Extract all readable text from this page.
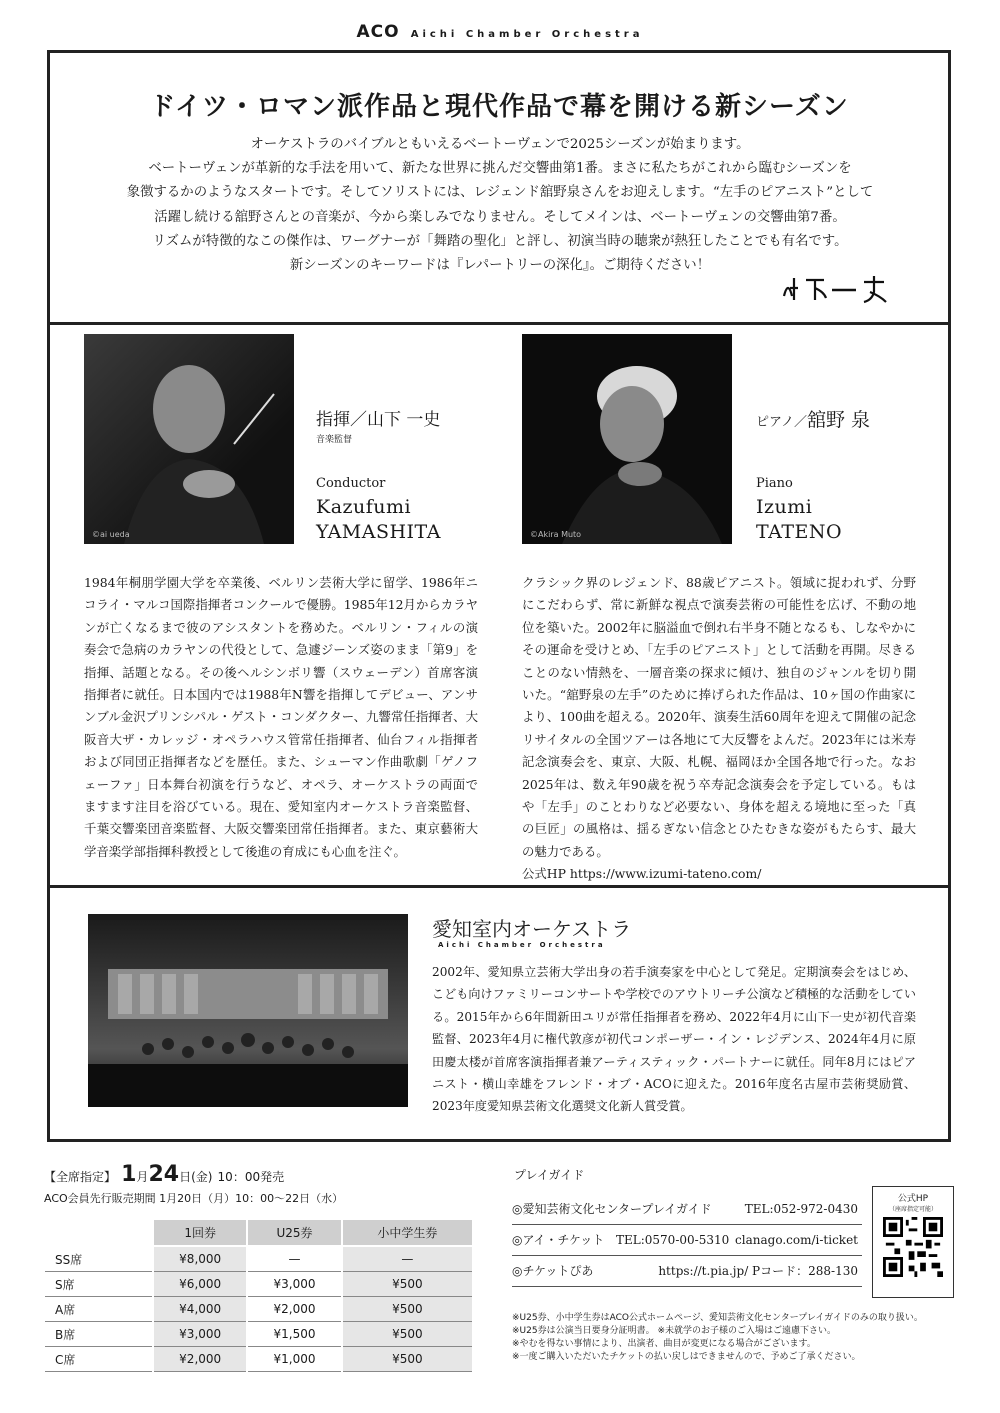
ACO Aichi Chamber Orchestra
ドイツ・ロマン派作品と現代作品で幕を開ける新シーズン
オーケストラのバイブルともいえるベートーヴェンで2025シーズンが始まります。
ベートーヴェンが革新的な手法を用いて、新たな世界に挑んだ交響曲第1番。まさに私たちがこれから臨むシーズンを
象徴するかのようなスタートです。そしてソリストには、レジェンド舘野泉さんをお迎えします。“左手のピアニスト”として
活躍し続ける舘野さんとの音楽が、今から楽しみでなりません。そしてメインは、ベートーヴェンの交響曲第7番。
リズムが特徴的なこの傑作は、ワーグナーが「舞踏の聖化」と評し、初演当時の聴衆が熱狂したことでも有名です。
新シーズンのキーワードは『レパートリーの深化』。ご期待ください！
©ai ueda
指揮／山下 一史
音楽監督
Conductor
Kazufumi
YAMASHITA

1984年桐朋学園大学を卒業後、ベルリン芸術大学に留学、1986年ニコライ・マルコ国際指揮者コンクールで優勝。1985年12月からカラヤンが亡くなるまで彼のアシスタントを務めた。ベルリン・フィルの演奏会で急病のカラヤンの代役として、急遽ジーンズ姿のまま「第9」を指揮、話題となる。その後ヘルシンボリ響（スウェーデン）首席客演指揮者に就任。日本国内では1988年N響を指揮してデビュー、アンサンブル金沢プリンシパル・ゲスト・コンダクター、九響常任指揮者、大阪音大ザ・カレッジ・オペラハウス管常任指揮者、仙台フィル指揮者および同団正指揮者などを歴任。また、シューマン作曲歌劇「ゲノフェーファ」日本舞台初演を行うなど、オペラ、オーケストラの両面でますます注目を浴びている。現在、愛知室内オーケストラ音楽監督、千葉交響楽団音楽監督、大阪交響楽団常任指揮者。また、東京藝術大学音楽学部指揮科教授として後進の育成にも心血を注ぐ。

©Akira Muto
ピアノ／舘野 泉
Piano
Izumi
TATENO

クラシック界のレジェンド、88歳ピアニスト。領域に捉われず、分野にこだわらず、常に新鮮な視点で演奏芸術の可能性を広げ、不動の地位を築いた。2002年に脳溢血で倒れ右半身不随となるも、しなやかにその運命を受けとめ、「左手のピアニスト」として活動を再開。尽きることのない情熱を、一層音楽の探求に傾け、独自のジャンルを切り開いた。“舘野泉の左手”のために捧げられた作品は、10ヶ国の作曲家により、100曲を超える。2020年、演奏生活60周年を迎えて開催の記念リサイタルの全国ツアーは各地にて大反響をよんだ。2023年には米寿記念演奏会を、東京、大阪、札幌、福岡ほか全国各地で行った。なお2025年は、数え年90歳を祝う卒寿記念演奏会を予定している。もはや「左手」のことわりなど必要ない、身体を超える境地に至った「真の巨匠」の風格は、揺るぎない信念とひたむきな姿がもたらす、最大の魅力である。

公式HP https://www.izumi-tateno.com/

愛知室内オーケストラ
Aichi Chamber Orchestra

2002年、愛知県立芸術大学出身の若手演奏家を中心として発足。定期演奏会をはじめ、こども向けファミリーコンサートや学校でのアウトリーチ公演など積極的な活動をしている。2015年から6年間新田ユリが常任指揮者を務め、2022年4月に山下一史が初代音楽監督、2023年4月に権代敦彦が初代コンポーザー・イン・レジデンス、2024年4月に原田慶太楼が首席客演指揮者兼アーティスティック・パートナーに就任。同年8月にはピアニスト・横山幸雄をフレンド・オブ・ACOに迎えた。2016年度名古屋市芸術奨励賞、2023年度愛知県芸術文化選奨文化新人賞受賞。

【全席指定】 1月24日(金) 10：00発売
ACO会員先行販売期間 1月20日（月）10：00〜22日（水）
	1回券	U25券	小中学生券
SS席	¥8,000	—	—
S席	¥6,000	¥3,000	¥500
A席	¥4,000	¥2,000	¥500
B席	¥3,000	¥1,500	¥500
C席	¥2,000	¥1,000	¥500
プレイガイド
◎愛知芸術文化センタープレイガイド	TEL:052-972-0430
◎アイ・チケット TEL:0570-00-5310 clanago.com/i-ticket
◎チケットぴあ	https://t.pia.jp/ Pコード：288-130
公式HP
（座席指定可能）
※U25券、小中学生券はACO公式ホームページ、愛知芸術文化センタープレイガイドのみの取り扱い。
※U25券は公演当日要身分証明書。 ※未就学のお子様のご入場はご遠慮下さい。
※やむを得ない事情により、出演者、曲目が変更になる場合がございます。
※一度ご購入いただいたチケットの払い戻しはできませんので、予めご了承ください。
